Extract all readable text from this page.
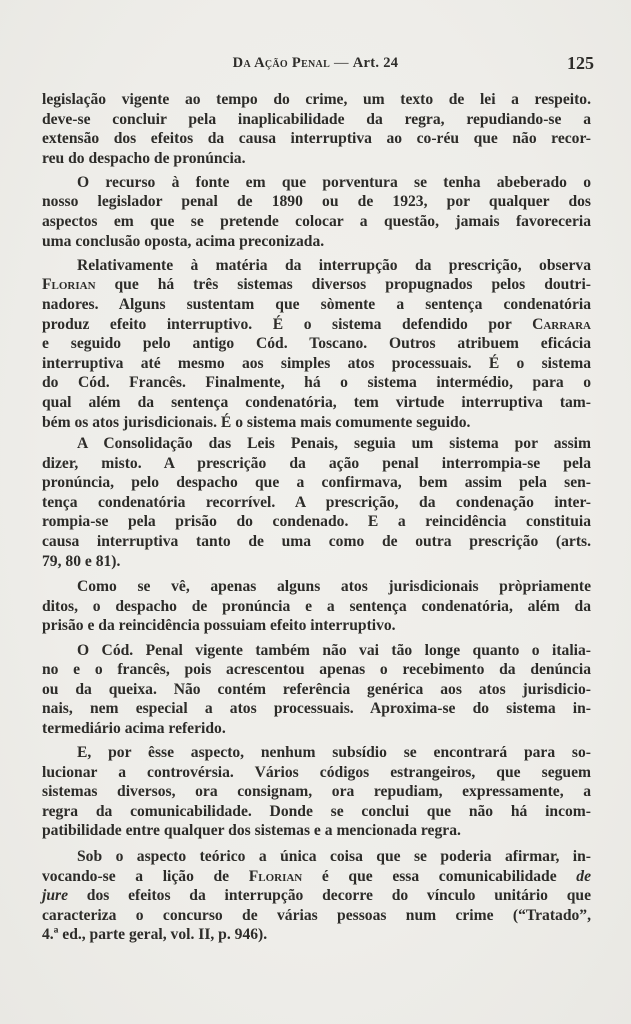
Da Ação Penal — Art. 24	125
legislação vigente ao tempo do crime, um texto de lei a respeito.
deve-se concluir pela inaplicabilidade da regra, repudiando-se a
extensão dos efeitos da causa interruptiva ao co-réu que não recor-
reu do despacho de pronúncia.
O recurso à fonte em que porventura se tenha abeberado o
nosso legislador penal de 1890 ou de 1923, por qualquer dos
aspectos em que se pretende colocar a questão, jamais favoreceria
uma conclusão oposta, acima preconizada.
Relativamente à matéria da interrupção da prescrição, observa
Florian que há três sistemas diversos propugnados pelos doutri-
nadores. Alguns sustentam que sòmente a sentença condenatória
produz efeito interruptivo. É o sistema defendido por Carrara
e seguido pelo antigo Cód. Toscano. Outros atribuem eficácia
interruptiva até mesmo aos simples atos processuais. É o sistema
do Cód. Francês. Finalmente, há o sistema intermédio, para o
qual além da sentença condenatória, tem virtude interruptiva tam-
bém os atos jurisdicionais. É o sistema mais comumente seguido.
A Consolidação das Leis Penais, seguia um sistema por assim
dizer, misto. A prescrição da ação penal interrompia-se pela
pronúncia, pelo despacho que a confirmava, bem assim pela sen-
tença condenatória recorrível. A prescrição, da condenação inter-
rompia-se pela prisão do condenado. E a reincidência constituia
causa interruptiva tanto de uma como de outra prescrição (arts.
79, 80 e 81).
Como se vê, apenas alguns atos jurisdicionais pròpriamente
ditos, o despacho de pronúncia e a sentença condenatória, além da
prisão e da reincidência possuiam efeito interruptivo.
O Cód. Penal vigente também não vai tão longe quanto o italia-
no e o francês, pois acrescentou apenas o recebimento da denúncia
ou da queixa. Não contém referência genérica aos atos jurisdicio-
nais, nem especial a atos processuais. Aproxima-se do sistema in-
termediário acima referido.
E, por êsse aspecto, nenhum subsídio se encontrará para so-
lucionar a controvérsia. Vários códigos estrangeiros, que seguem
sistemas diversos, ora consignam, ora repudiam, expressamente, a
regra da comunicabilidade. Donde se conclui que não há incom-
patibilidade entre qualquer dos sistemas e a mencionada regra.
Sob o aspecto teórico a única coisa que se poderia afirmar, in-
vocando-se a lição de Florian é que essa comunicabilidade de
jure dos efeitos da interrupção decorre do vínculo unitário que
caracteriza o concurso de várias pessoas num crime (“Tratado”,
4.ª ed., parte geral, vol. II, p. 946).
